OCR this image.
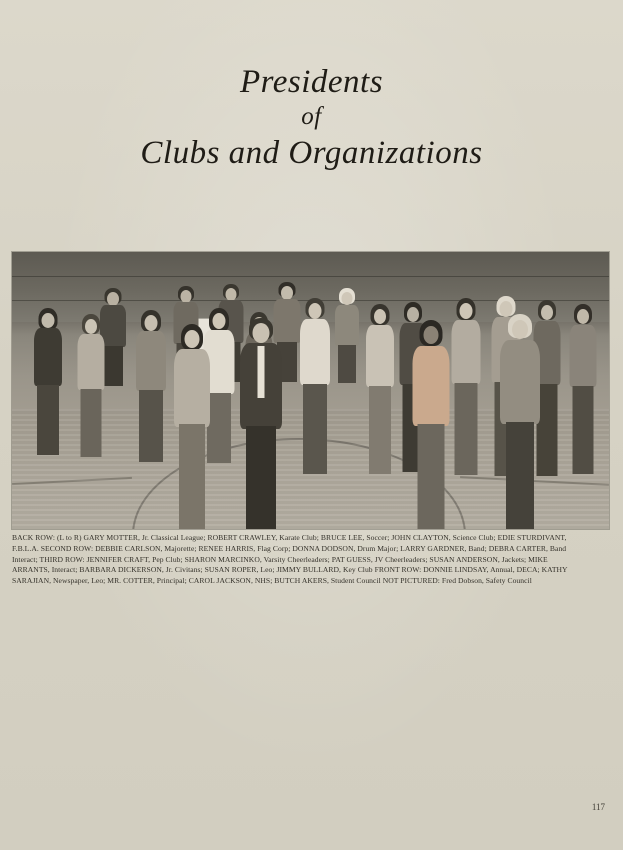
Presidents
of
Clubs and Organizations
BACK ROW: (L to R) GARY MOTTER, Jr. Classical League; ROBERT CRAWLEY, Karate Club; BRUCE LEE, Soccer; JOHN CLAYTON, Science Club; EDIE STURDIVANT, F.B.L.A. SECOND ROW: DEBBIE CARLSON, Majorette; RENEE HARRIS, Flag Corp; DONNA DODSON, Drum Major; LARRY GARDNER, Band; DEBRA CARTER, Band Interact; THIRD ROW: JENNIFER CRAFT, Pep Club; SHARON MARCINKO, Varsity Cheerleaders; PAT GUESS, JV Cheerleaders; SUSAN ANDERSON, Jackets; MIKE ARRANTS, Interact; BARBARA DICKERSON, Jr. Civitans; SUSAN ROPER, Leo; JIMMY BULLARD, Key Club FRONT ROW: DONNIE LINDSAY, Annual, DECA; KATHY SARAJIAN, Newspaper, Leo; MR. COTTER, Principal; CAROL JACKSON, NHS; BUTCH AKERS, Student Council NOT PICTURED: Fred Dobson, Safety Council
117
